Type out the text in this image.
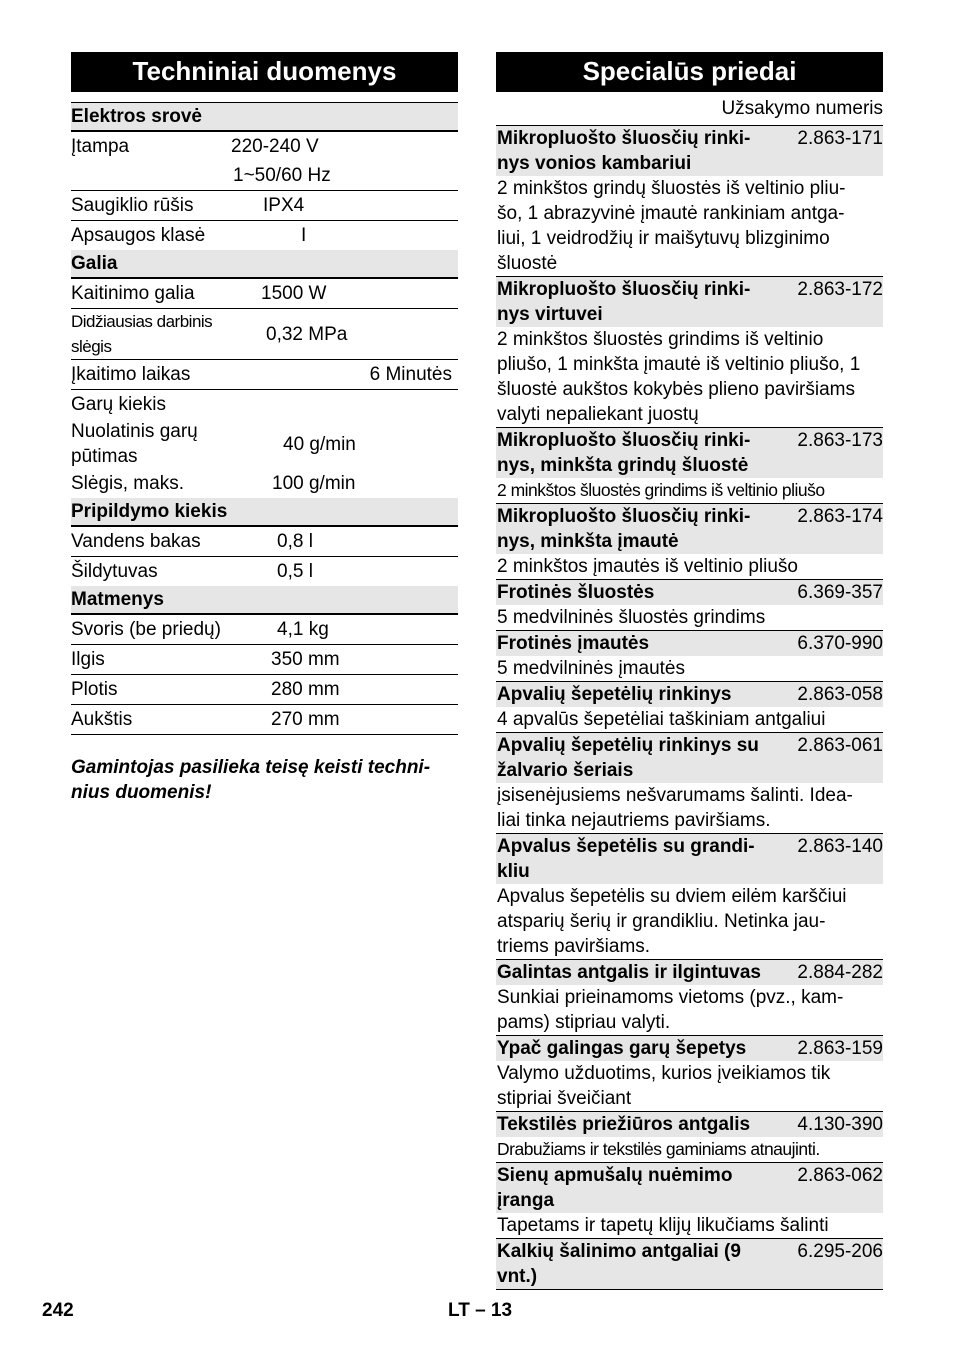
Techniniai duomenys
Elektros srovė	
Įtampa	220-240 V
	1~50/60 Hz
Saugiklio rūšis	IPX4
Apsaugos klasė	I
Galia	
Kaitinimo galia	1500 W
Didžiausias darbinis slėgis	0,32 MPa
Įkaitimo laikas	6 Minutės
Garų kiekis	
Nuolatinis garų pūtimas	40 g/min
Slėgis, maks.	100 g/min
Pripildymo kiekis	
Vandens bakas	0,8 l
Šildytuvas	0,5 l
Matmenys	
Svoris (be priedų)	4,1 kg
Ilgis	350 mm
Plotis	280 mm
Aukštis	270 mm
Gamintojas pasilieka teisę keisti techni-
nius duomenis!
Specialūs priedai
Užsakymo numeris
Mikropluošto šluosčių rinki-
nys vonios kambariui	2.863-171
2 minkštos grindų šluostės iš veltinio pliu-
šo, 1 abrazyvinė įmautė rankiniam antga-
liui, 1 veidrodžių ir maišytuvų blizginimo
šluostė	
Mikropluošto šluosčių rinki-
nys virtuvei	2.863-172
2 minkštos šluostės grindims iš veltinio
pliušo, 1 minkšta įmautė iš veltinio pliušo, 1
šluostė aukštos kokybės plieno paviršiams
valyti nepaliekant juostų	
Mikropluošto šluosčių rinki-
nys, minkšta grindų šluostė	2.863-173
2 minkštos šluostės grindims iš veltinio pliušo	
Mikropluošto šluosčių rinki-
nys, minkšta įmautė	2.863-174
2 minkštos įmautės iš veltinio pliušo	
Frotinės šluostės	6.369-357
5 medvilninės šluostės grindims	
Frotinės įmautės	6.370-990
5 medvilninės įmautės	
Apvalių šepetėlių rinkinys	2.863-058
4 apvalūs šepetėliai taškiniam antgaliui	
Apvalių šepetėlių rinkinys su
žalvario šeriais	2.863-061
įsisenėjusiems nešvarumams šalinti. Idea-
liai tinka nejautriems paviršiams.	
Apvalus šepetėlis su grandi-
kliu	2.863-140
Apvalus šepetėlis su dviem eilėm karščiui
atsparių šerių ir grandikliu. Netinka jau-
triems paviršiams.	
Galintas antgalis ir ilgintuvas	2.884-282
Sunkiai prieinamoms vietoms (pvz., kam-
pams) stipriau valyti.	
Ypač galingas garų šepetys	2.863-159
Valymo užduotims, kurios įveikiamos tik
stipriai šveičiant	
Tekstilės priežiūros antgalis	4.130-390
Drabužiams ir tekstilės gaminiams atnaujinti.	
Sienų apmušalų nuėmimo
įranga	2.863-062
Tapetams ir tapetų klijų likučiams šalinti	
Kalkių šalinimo antgaliai (9
vnt.)	6.295-206
242	LT – 13
